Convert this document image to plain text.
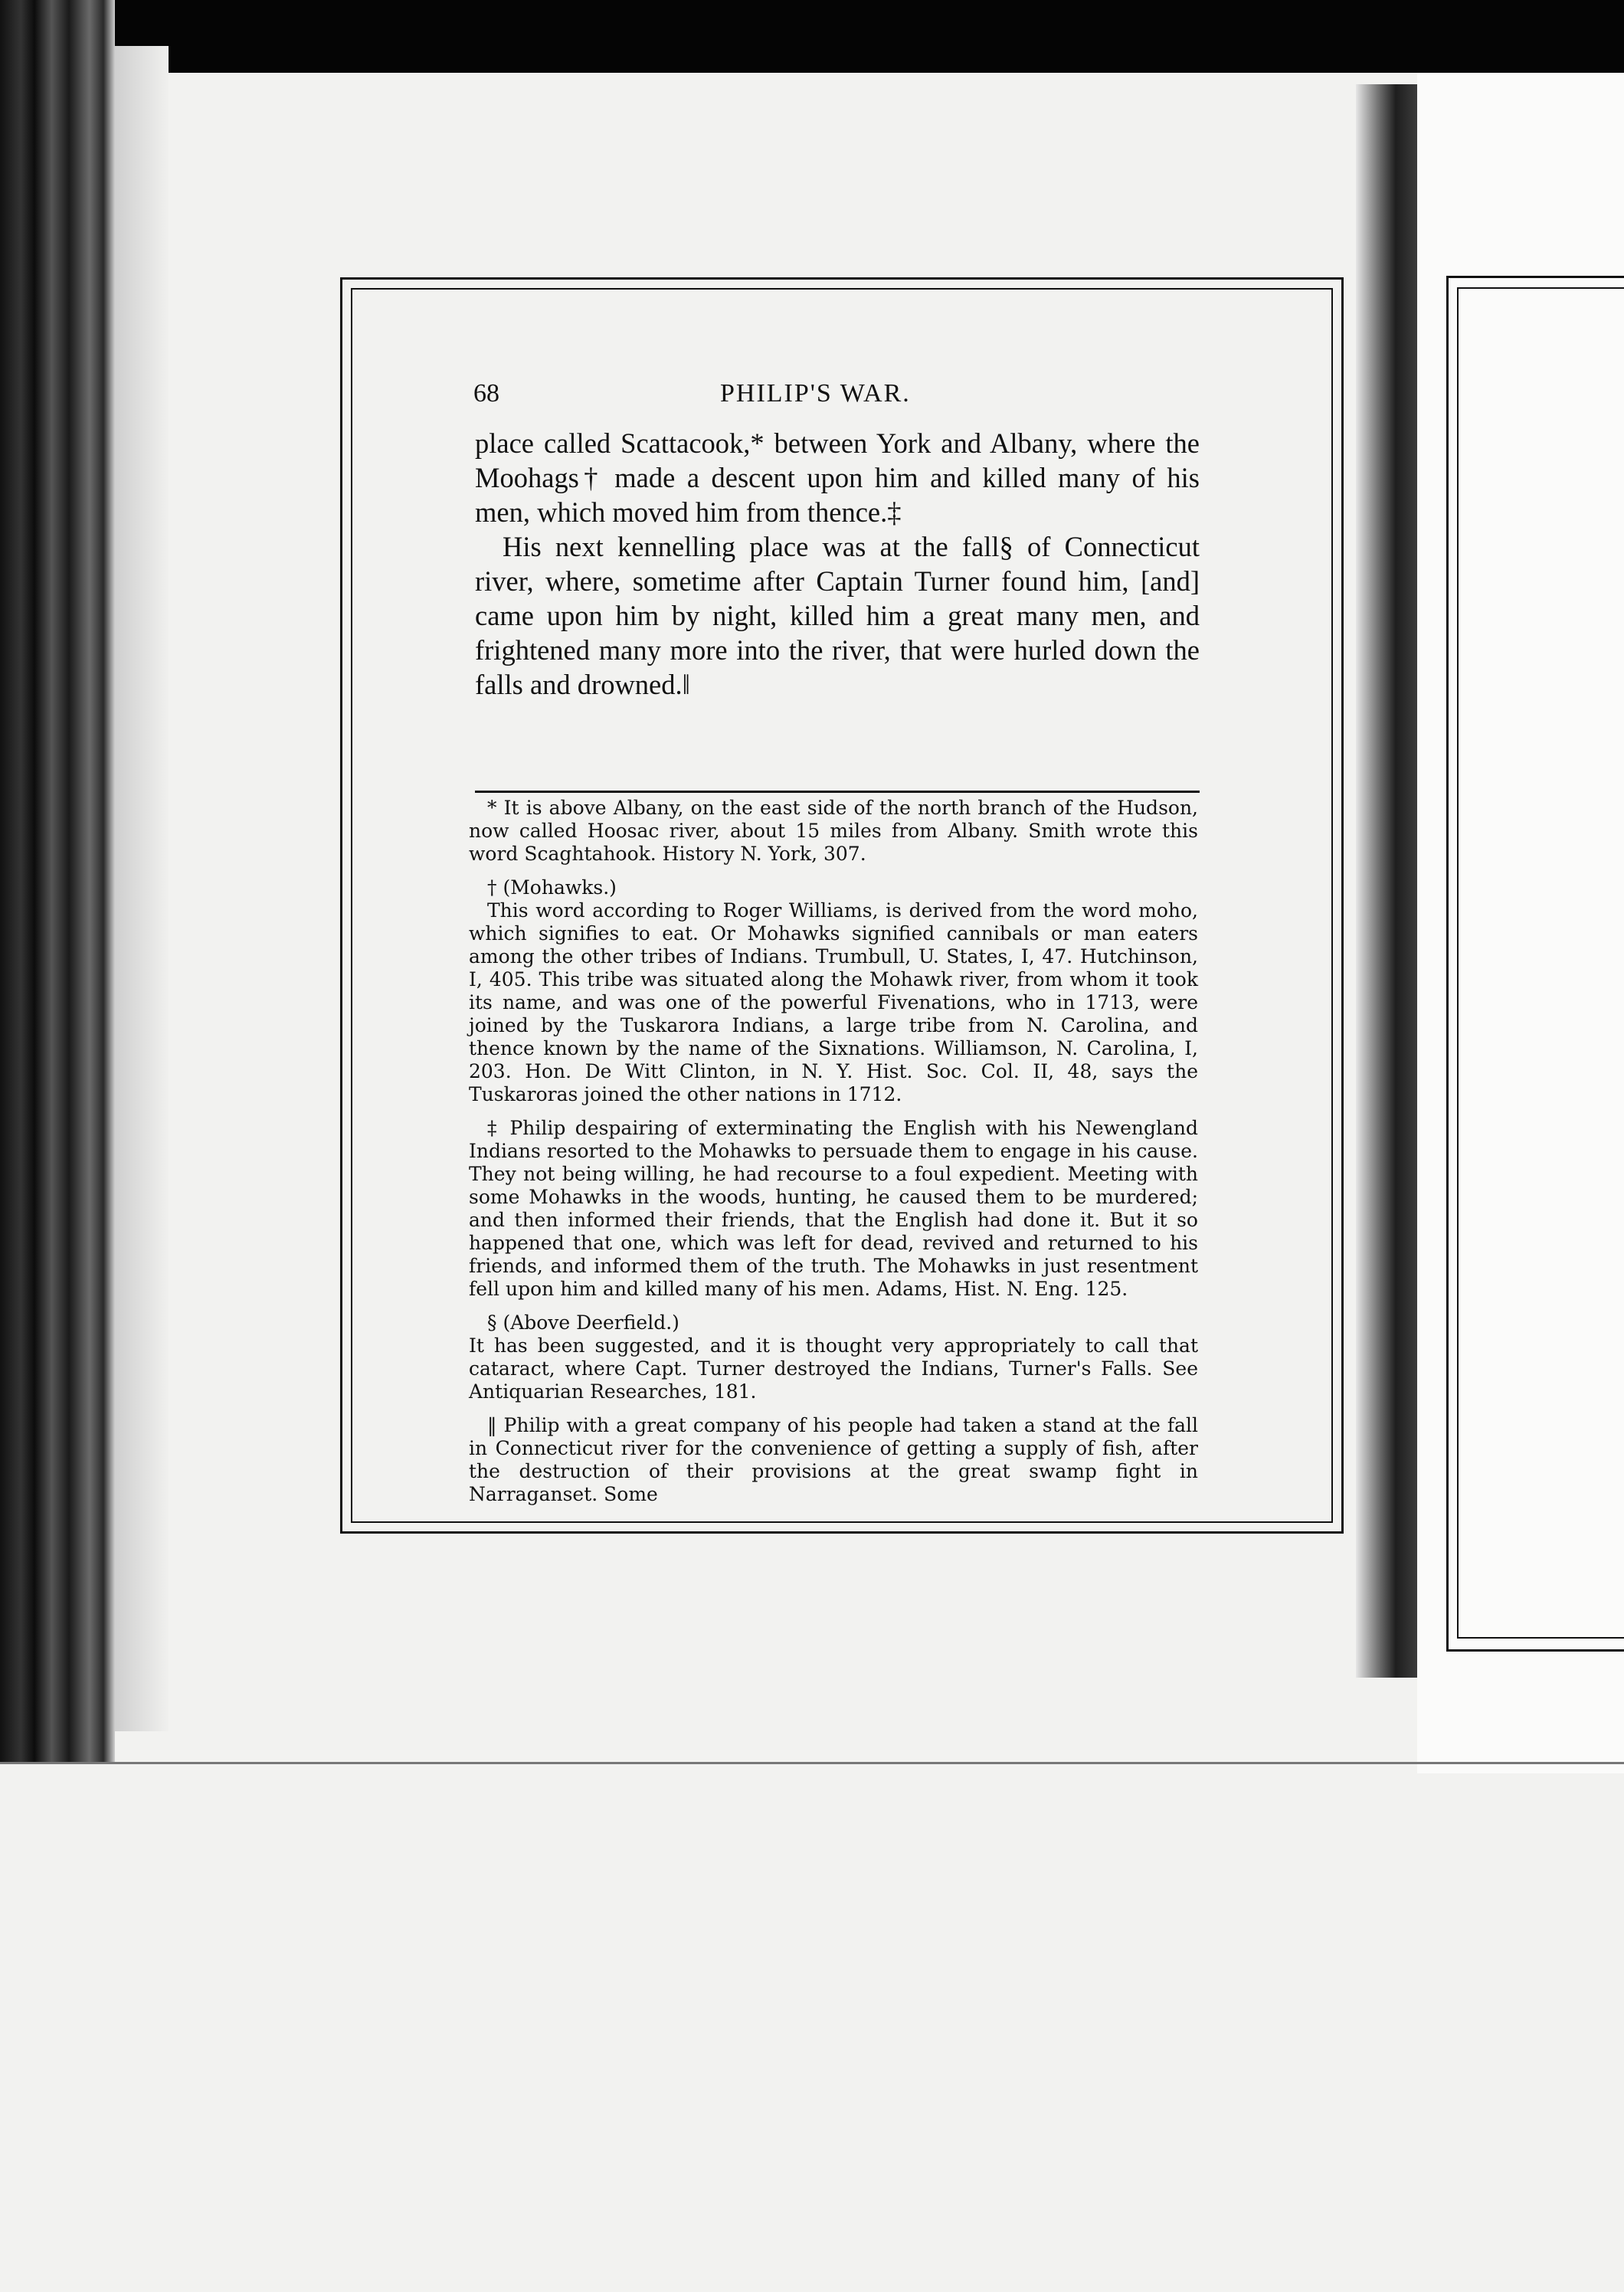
68	PHILIP'S WAR.

place called Scattacook,* between York and Albany, where the Moohags† made a descent upon him and killed many of his men, which moved him from thence.‡

His next kennelling place was at the fall§ of Connecticut river, where, sometime after Captain Turner found him, [and] came upon him by night, killed him a great many men, and frightened many more into the river, that were hurled down the falls and drowned.‖

* It is above Albany, on the east side of the north branch of the Hudson, now called Hoosac river, about 15 miles from Albany. Smith wrote this word Scaghtahook. History N. York, 307.

† (Mohawks.)

This word according to Roger Williams, is derived from the word moho, which signifies to eat. Or Mohawks signified cannibals or man eaters among the other tribes of Indians. Trumbull, U. States, I, 47. Hutchinson, I, 405. This tribe was situated along the Mohawk river, from whom it took its name, and was one of the powerful Fivenations, who in 1713, were joined by the Tuskarora Indians, a large tribe from N. Carolina, and thence known by the name of the Sixnations. Williamson, N. Carolina, I, 203. Hon. De Witt Clinton, in N. Y. Hist. Soc. Col. II, 48, says the Tuskaroras joined the other nations in 1712.

‡ Philip despairing of exterminating the English with his Newengland Indians resorted to the Mohawks to persuade them to engage in his cause. They not being willing, he had recourse to a foul expedient. Meeting with some Mohawks in the woods, hunting, he caused them to be murdered; and then informed their friends, that the English had done it. But it so happened that one, which was left for dead, revived and returned to his friends, and informed them of the truth. The Mohawks in just resentment fell upon him and killed many of his men. Adams, Hist. N. Eng. 125.

§ (Above Deerfield.)

It has been suggested, and it is thought very appropriately to call that cataract, where Capt. Turner destroyed the Indians, Turner's Falls. See Antiquarian Researches, 181.

‖ Philip with a great company of his people had taken a stand at the fall in Connecticut river for the convenience of getting a supply of fish, after the destruction of their provisions at the great swamp fight in Narraganset. Some
